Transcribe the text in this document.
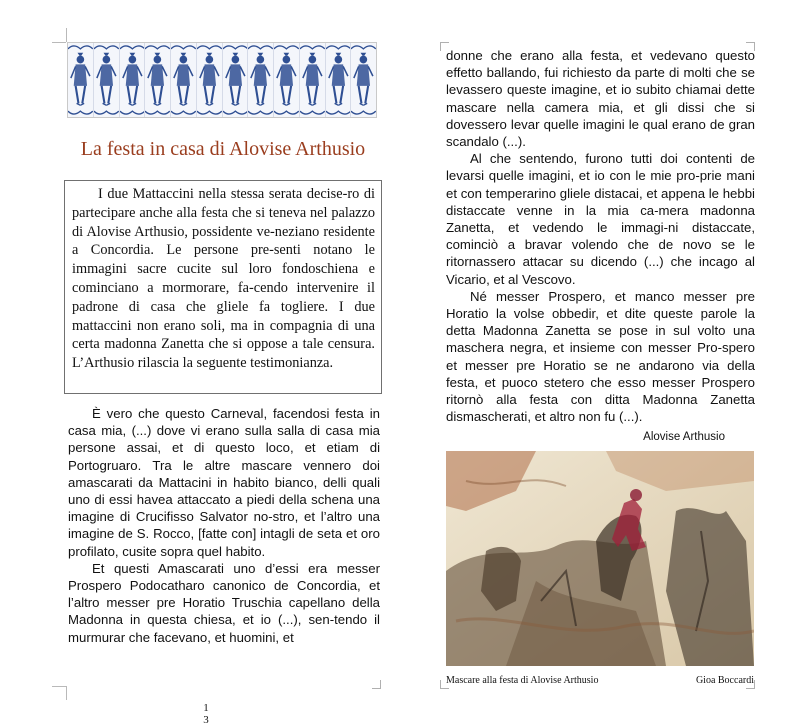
La festa in casa di Alovise Arthusio

I due Mattaccini nella stessa serata decise-ro di partecipare anche alla festa che si teneva nel palazzo di Alovise Arthusio, possidente ve-neziano residente a Concordia. Le persone pre-senti notano le immagini sacre cucite sul loro fondoschiena e cominciano a mormorare, fa-cendo intervenire il padrone di casa che gliele fa togliere. I due mattaccini non erano soli, ma in compagnia di una certa madonna Zanetta che si oppose a tale censura. L’Arthusio rilascia la seguente testimonianza.

È vero che questo Carneval, facendosi festa in casa mia, (...) dove vi erano sulla salla di casa mia persone assai, et di questo loco, et etiam di Portogruaro. Tra le altre mascare vennero doi amascarati da Mattacini in habito bianco, delli quali uno di essi havea attaccato a piedi della schena una imagine di Crucifisso Salvator no-stro, et l’altro una imagine de S. Rocco, [fatte con] intagli de seta et oro profilato, cusite sopra quel habito.

Et questi Amascarati uno d’essi era messer Prospero Podocatharo canonico de Concordia, et l’altro messer pre Horatio Truschia capellano della Madonna in questa chiesa, et io (...), sen-tendo il murmurar che facevano, et huomini, et

donne che erano alla festa, et vedevano questo effetto ballando, fui richiesto da parte di molti che se levassero queste imagine, et io subito chiamai dette mascare nella camera mia, et gli dissi che si dovessero levar quelle imagini le qual erano de gran scandalo (...).

Al che sentendo, furono tutti doi contenti de levarsi quelle imagini, et io con le mie pro-prie mani et con temperarino gliele distacai, et appena le hebbi distaccate venne in la mia ca-mera madonna Zanetta, et vedendo le immagi-ni distaccate, cominciò a bravar volendo che de novo se le ritornassero attacar su dicendo (...) che incago al Vicario, et al Vescovo.

Né messer Prospero, et manco messer pre Horatio la volse obbedir, et dite queste parole la detta Madonna Zanetta se pose in sul volto una maschera negra, et insieme con messer Pro-spero et messer pre Horatio se ne andarono via della festa, et puoco stetero che esso messer Prospero ritornò alla festa con ditta Madonna Zanetta dismascherati, et altro non fu (...).

Alovise Arthusio
Mascare alla festa di Alovise Arthusio	Gioa Boccardi
1
3
